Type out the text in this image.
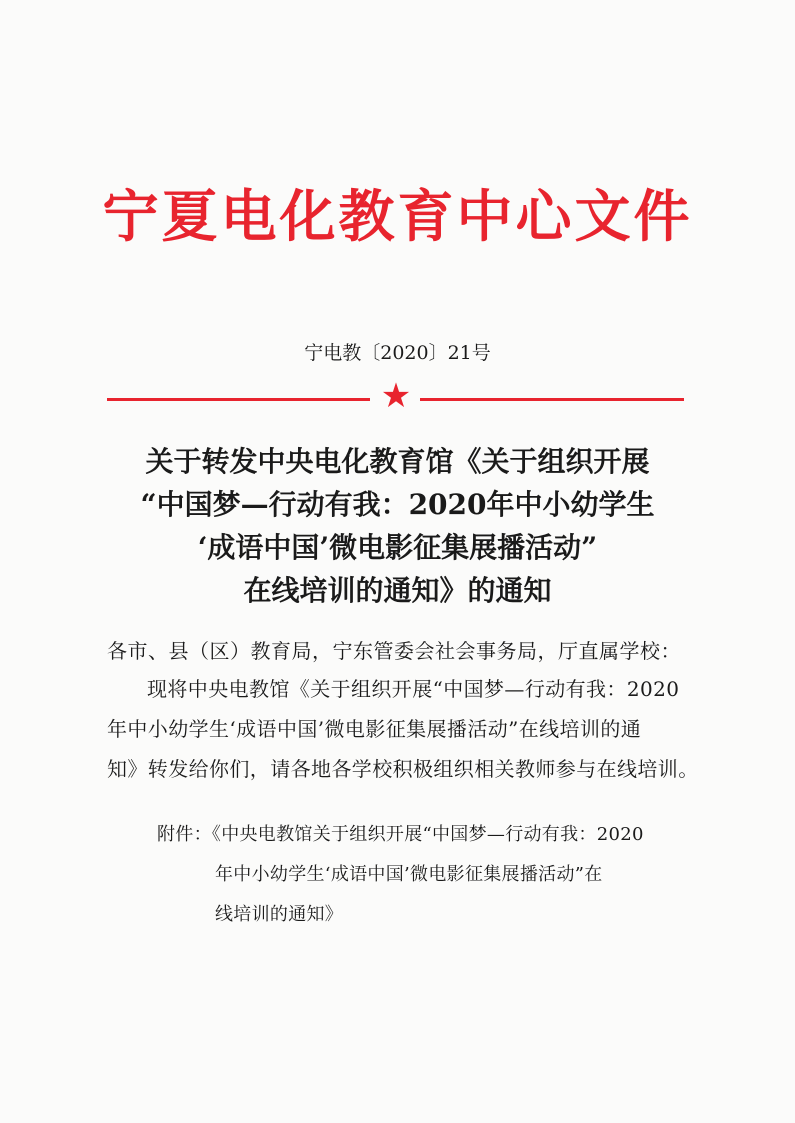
宁夏电化教育中心文件
宁电教〔2020〕21号
★
关于转发中央电化教育馆《关于组织开展
“中国梦—行动有我：2020年中小幼学生
‘成语中国’微电影征集展播活动”
在线培训的通知》的通知
各市、县（区）教育局，宁东管委会社会事务局，厅直属学校：
现将中央电教馆《关于组织开展“中国梦—行动有我：2020
年中小幼学生‘成语中国’微电影征集展播活动”在线培训的通
知》转发给你们，请各地各学校积极组织相关教师参与在线培训。
附件：《中央电教馆关于组织开展“中国梦—行动有我：2020
年中小幼学生‘成语中国’微电影征集展播活动”在
线培训的通知》
